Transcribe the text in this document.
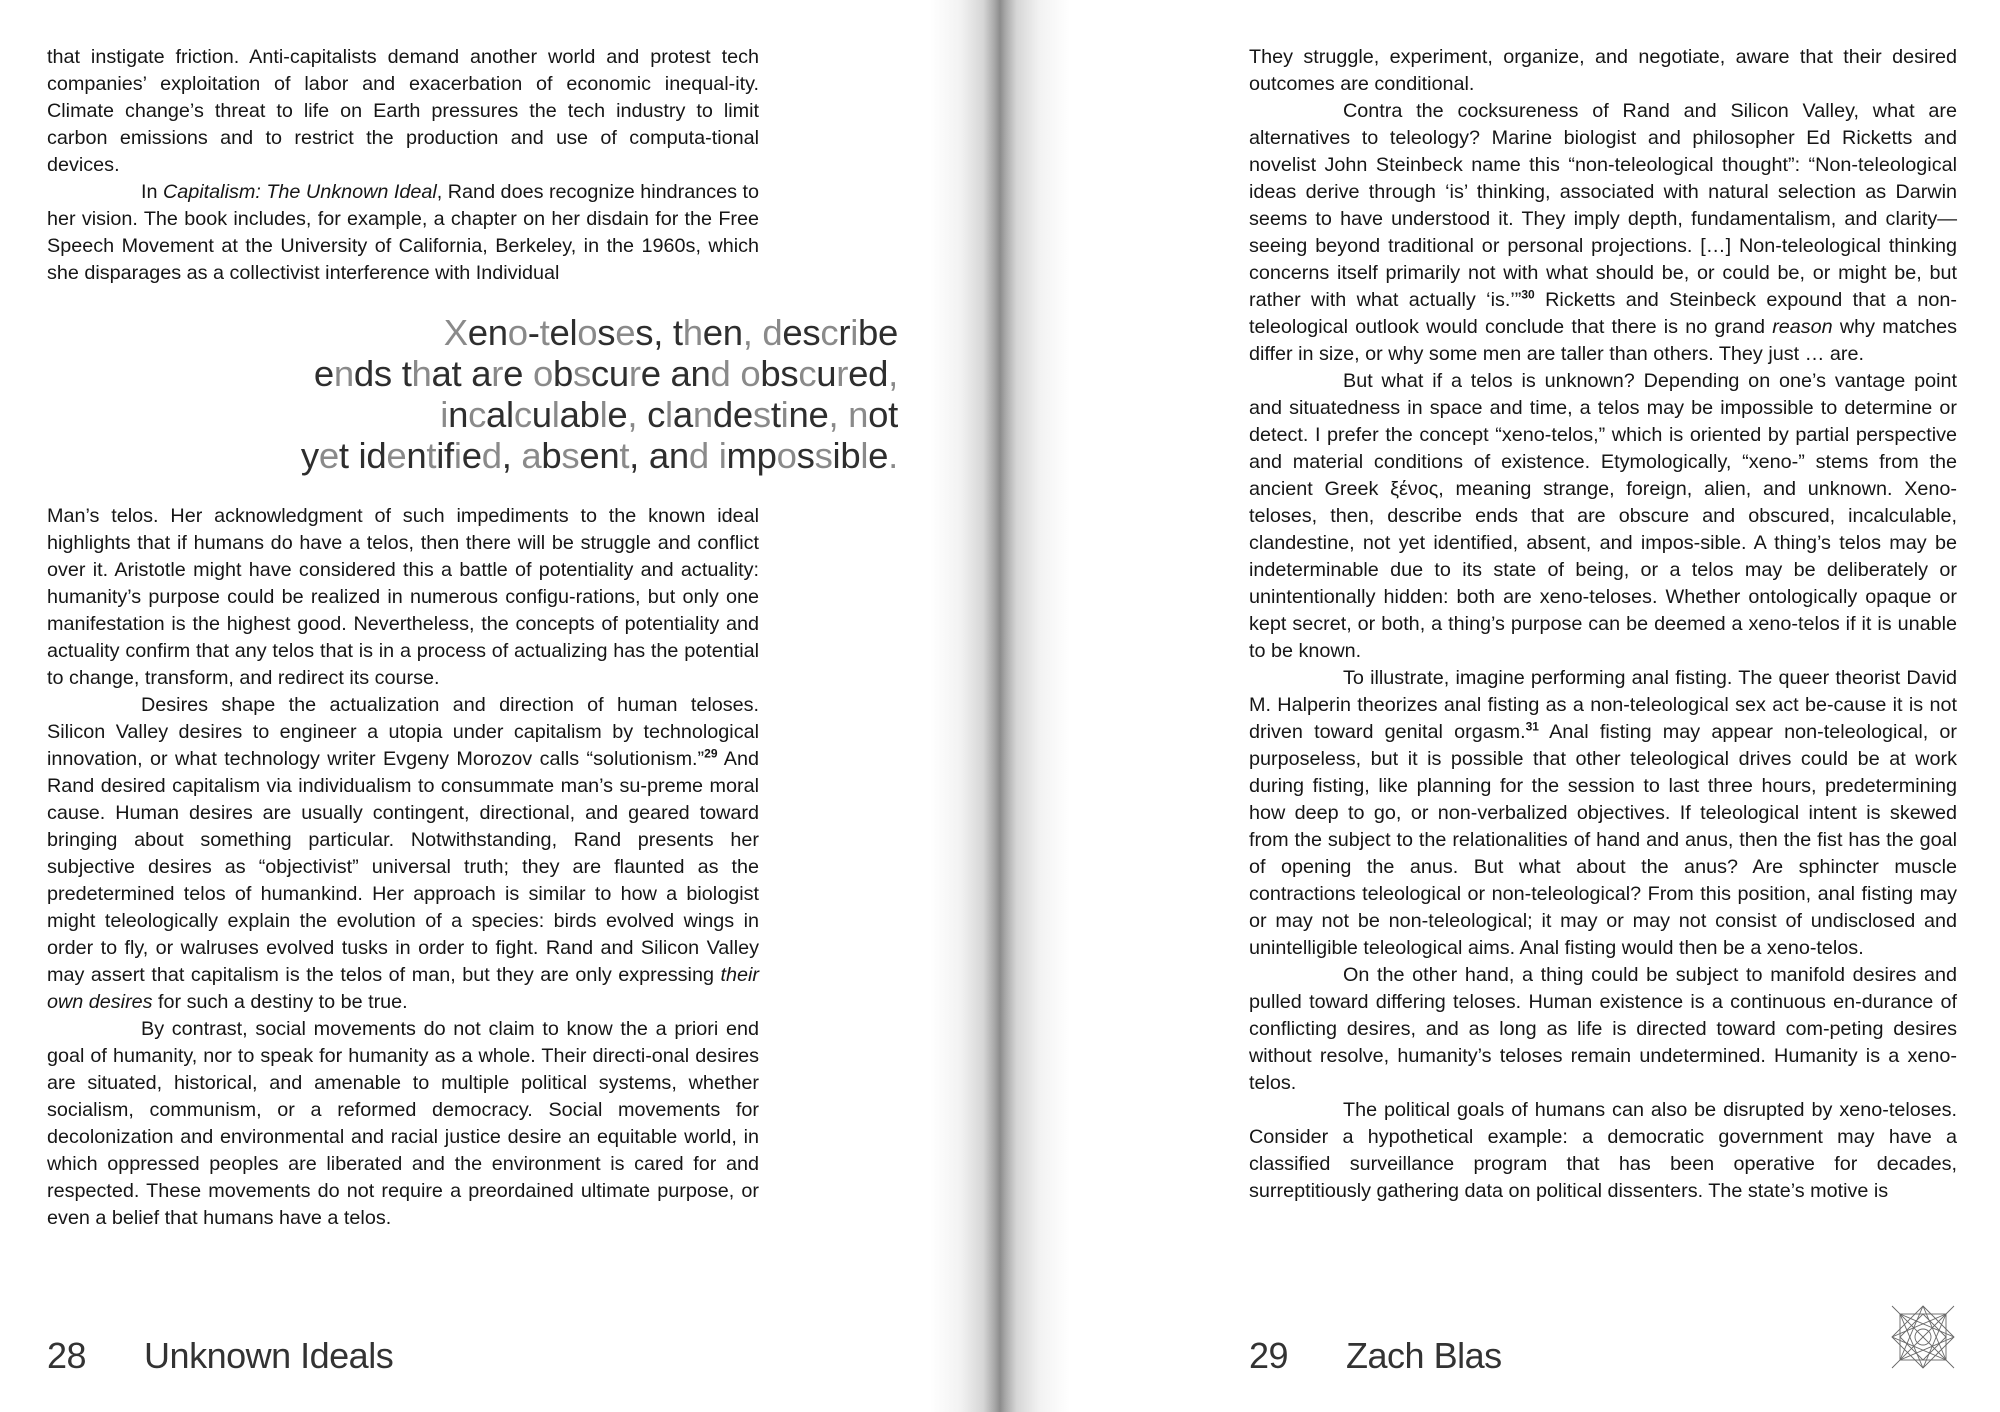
that instigate friction. Anti-capitalists demand another world and protest tech companies’ exploitation of labor and exacerbation of economic inequal-ity. Climate change’s threat to life on Earth pressures the tech industry to limit carbon emissions and to restrict the production and use of computa-tional devices.

In Capitalism: The Unknown Ideal, Rand does recognize hindrances to her vision. The book includes, for example, a chapter on her disdain for the Free Speech Movement at the University of California, Berkeley, in the 1960s, which she disparages as a collectivist interference with Individual

Xeno-teloses, then, describe
ends that are obscure and obscured,
incalculable, clandestine, not
yet identified, absent, and impossible.

Man’s telos. Her acknowledgment of such impediments to the known ideal highlights that if humans do have a telos, then there will be struggle and conflict over it. Aristotle might have considered this a battle of potentiality and actuality: humanity’s purpose could be realized in numerous configu-rations, but only one manifestation is the highest good. Nevertheless, the concepts of potentiality and actuality confirm that any telos that is in a process of actualizing has the potential to change, transform, and redirect its course.

Desires shape the actualization and direction of human teloses. Silicon Valley desires to engineer a utopia under capitalism by technological innovation, or what technology writer Evgeny Morozov calls “solutionism.”$^{29}$ And Rand desired capitalism via individualism to consummate man’s su-preme moral cause. Human desires are usually contingent, directional, and geared toward bringing about something particular. Notwithstanding, Rand presents her subjective desires as “objectivist” universal truth; they are flaunted as the predetermined telos of humankind. Her approach is similar to how a biologist might teleologically explain the evolution of a species: birds evolved wings in order to fly, or walruses evolved tusks in order to fight. Rand and Silicon Valley may assert that capitalism is the telos of man, but they are only expressing their own desires for such a destiny to be true.

By contrast, social movements do not claim to know the a priori end goal of humanity, nor to speak for humanity as a whole. Their directi-onal desires are situated, historical, and amenable to multiple political systems, whether socialism, communism, or a reformed democracy. Social movements for decolonization and environmental and racial justice desire an equitable world, in which oppressed peoples are liberated and the environment is cared for and respected. These movements do not require a preordained ultimate purpose, or even a belief that humans have a telos.

28 Unknown Ideals

They struggle, experiment, organize, and negotiate, aware that their desired outcomes are conditional.

Contra the cocksureness of Rand and Silicon Valley, what are alternatives to teleology? Marine biologist and philosopher Ed Ricketts and novelist John Steinbeck name this “non-teleological thought”: “Non-teleological ideas derive through ‘is’ thinking, associated with natural selection as Darwin seems to have understood it. They imply depth, fundamentalism, and clarity—seeing beyond traditional or personal projections. […] Non-teleological thinking concerns itself primarily not with what should be, or could be, or might be, but rather with what actually ‘is.’”$^{30}$ Ricketts and Steinbeck expound that a non-teleological outlook would conclude that there is no grand reason why matches differ in size, or why some men are taller than others. They just … are.

But what if a telos is unknown? Depending on one’s vantage point and situatedness in space and time, a telos may be impossible to determine or detect. I prefer the concept “xeno-telos,” which is oriented by partial perspective and material conditions of existence. Etymologically, “xeno-” stems from the ancient Greek ξένος, meaning strange, foreign, alien, and unknown. Xeno-teloses, then, describe ends that are obscure and obscured, incalculable, clandestine, not yet identified, absent, and impos-sible. A thing’s telos may be indeterminable due to its state of being, or a telos may be deliberately or unintentionally hidden: both are xeno-teloses. Whether ontologically opaque or kept secret, or both, a thing’s purpose can be deemed a xeno-telos if it is unable to be known.

To illustrate, imagine performing anal fisting. The queer theorist David M. Halperin theorizes anal fisting as a non-teleological sex act be-cause it is not driven toward genital orgasm.$^{31}$ Anal fisting may appear non-teleological, or purposeless, but it is possible that other teleological drives could be at work during fisting, like planning for the session to last three hours, predetermining how deep to go, or non-verbalized objectives. If teleological intent is skewed from the subject to the relationalities of hand and anus, then the fist has the goal of opening the anus. But what about the anus? Are sphincter muscle contractions teleological or non-teleological? From this position, anal fisting may or may not be non-teleological; it may or may not consist of undisclosed and unintelligible teleological aims. Anal fisting would then be a xeno-telos.

On the other hand, a thing could be subject to manifold desires and pulled toward differing teloses. Human existence is a continuous en-durance of conflicting desires, and as long as life is directed toward com-peting desires without resolve, humanity’s teloses remain undetermined. Humanity is a xeno-telos.

The political goals of humans can also be disrupted by xeno-teloses. Consider a hypothetical example: a democratic government may have a classified surveillance program that has been operative for decades, surreptitiously gathering data on political dissenters. The state’s motive is

29 Zach Blas
